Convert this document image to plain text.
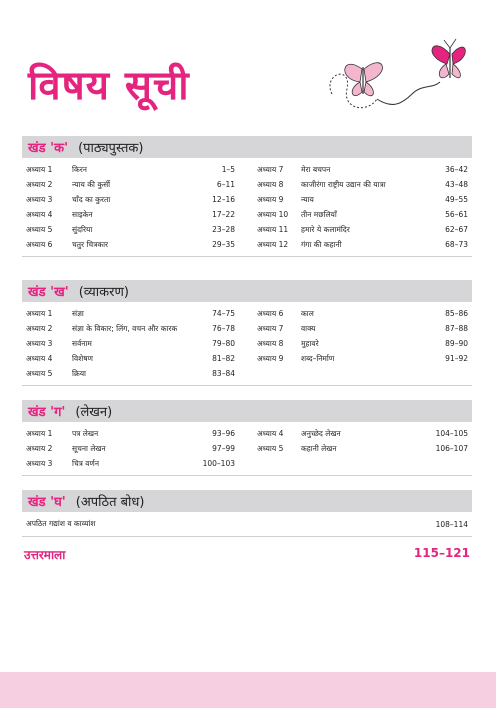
विषय सूची
खंड 'क' (पाठ्यपुस्तक)
अध्याय 1	किरन	1–5
अध्याय 2	न्याय की कुर्सी	6–11
अध्याय 3	चाँद का कुरता	12–16
अध्याय 4	साइकेन	17–22
अध्याय 5	सुंदरिया	23–28
अध्याय 6	चतुर चित्रकार	29–35
अध्याय 7	मेरा बचपन	36–42
अध्याय 8	काजीरंगा राष्ट्रीय उद्यान की यात्रा	43–48
अध्याय 9	न्याय	49–55
अध्याय 10	तीन मछलियाँ	56–61
अध्याय 11	हमारे ये कलामंदिर	62–67
अध्याय 12	गंगा की कहानी	68–73
खंड 'ख' (व्याकरण)
अध्याय 1	संज्ञा	74–75
अध्याय 2	संज्ञा के विकार; लिंग, वचन और कारक	76–78
अध्याय 3	सर्वनाम	79–80
अध्याय 4	विशेषण	81–82
अध्याय 5	क्रिया	83–84
अध्याय 6	काल	85–86
अध्याय 7	वाक्य	87–88
अध्याय 8	मुहावरे	89–90
अध्याय 9	शब्द–निर्माण	91–92
खंड 'ग' (लेखन)
अध्याय 1	पत्र लेखन	93–96
अध्याय 2	सूचना लेखन	97–99
अध्याय 3	चित्र वर्णन	100–103
अध्याय 4	अनुच्छेद लेखन	104–105
अध्याय 5	कहानी लेखन	106–107
खंड 'घ' (अपठित बोध)
अपठित गद्यांश व काव्यांश	108–114
उत्तरमाला	115–121
